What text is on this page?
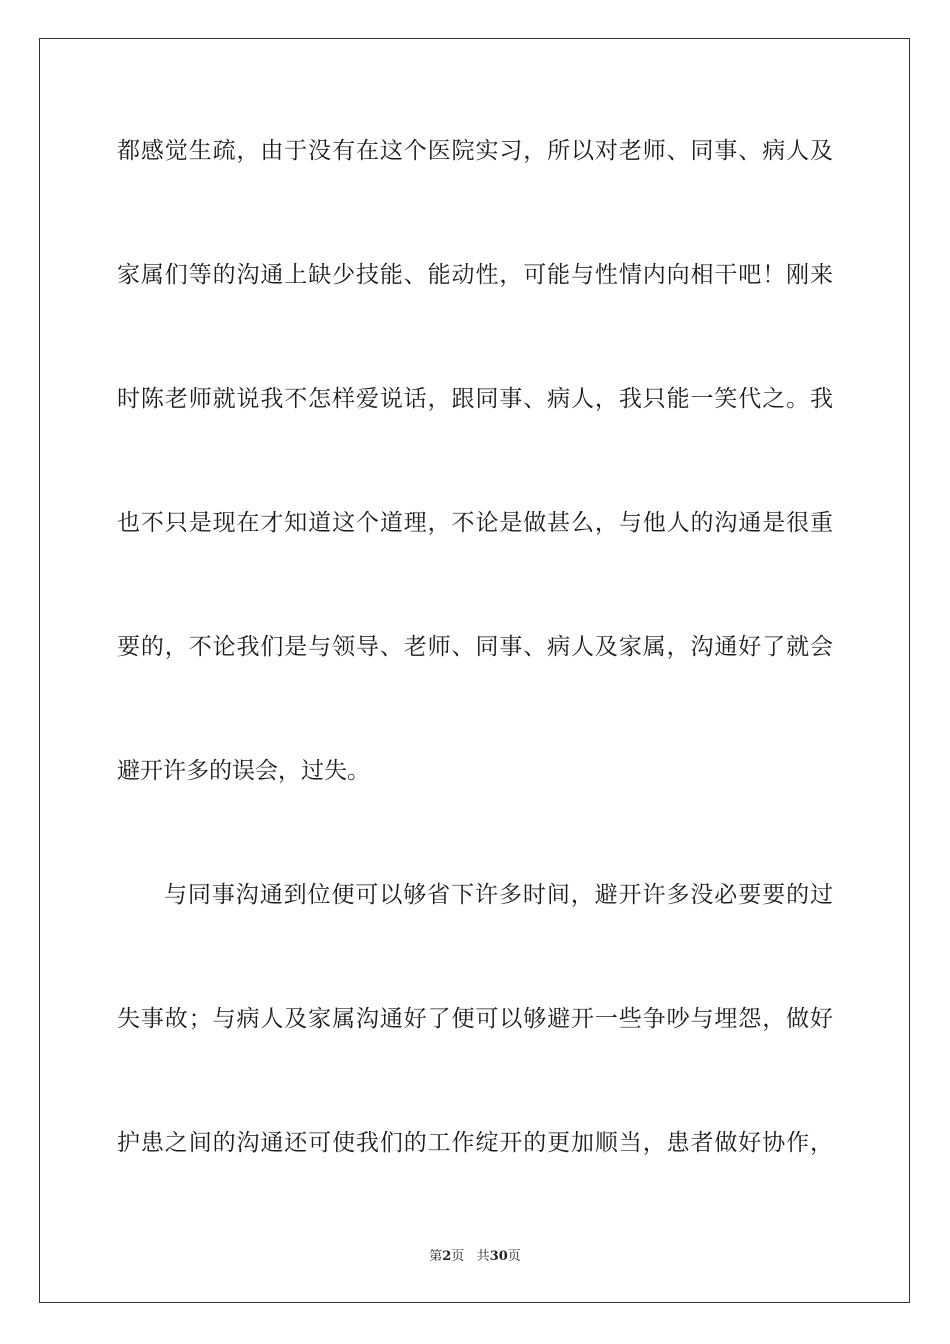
都感觉生疏，由于没有在这个医院实习，所以对老师、同事、病人及
家属们等的沟通上缺少技能、能动性，可能与性情内向相干吧！刚来
时陈老师就说我不怎样爱说话，跟同事、病人，我只能一笑代之。我
也不只是现在才知道这个道理，不论是做甚么，与他人的沟通是很重
要的，不论我们是与领导、老师、同事、病人及家属，沟通好了就会
避开许多的误会，过失。
与同事沟通到位便可以够省下许多时间，避开许多没必要要的过
失事故；与病人及家属沟通好了便可以够避开一些争吵与埋怨，做好
护患之间的沟通还可使我们的工作绽开的更加顺当，患者做好协作，
第2页 共30页
